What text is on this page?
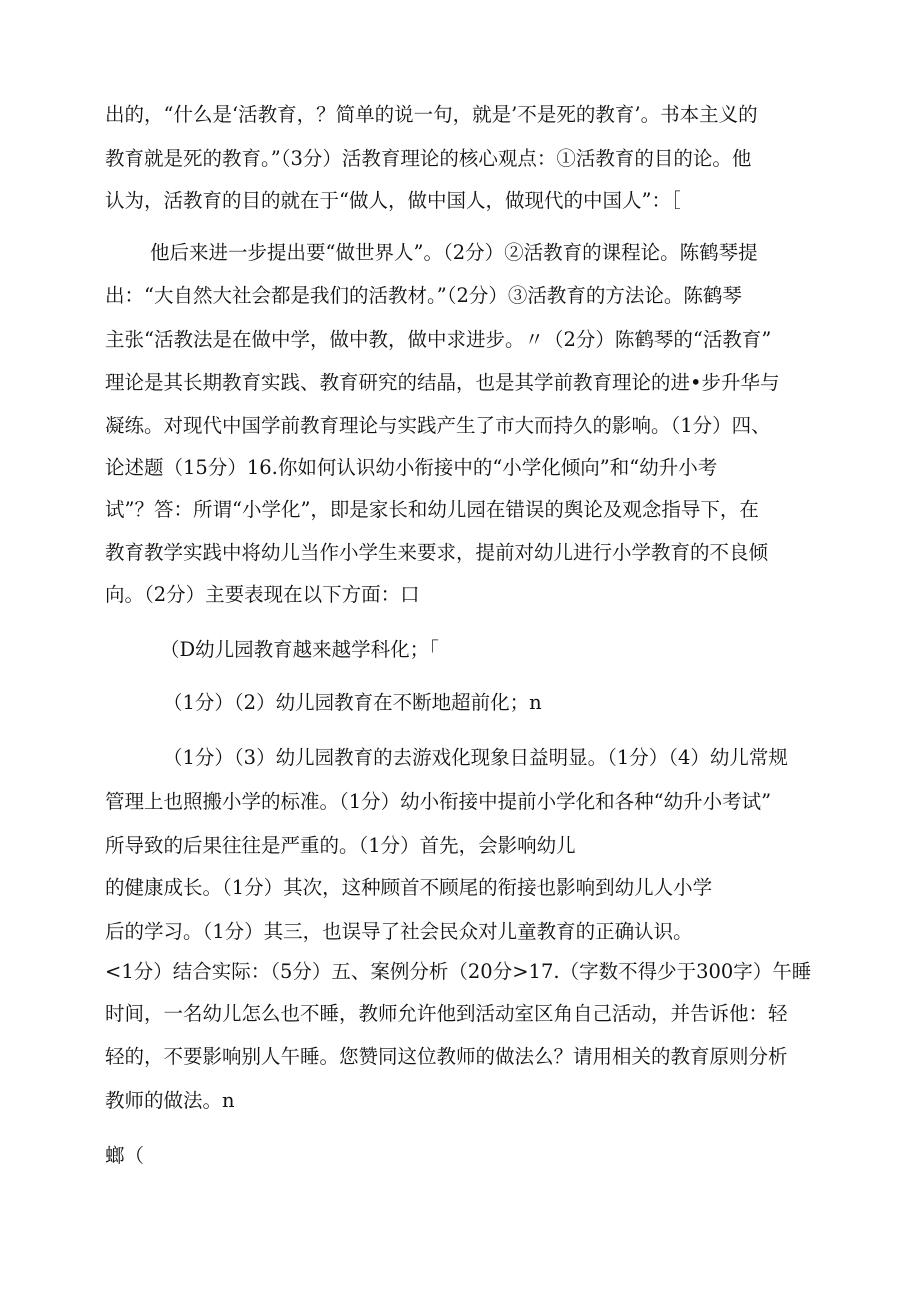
出的，“什么是‘活教育，？简单的说一句，就是’不是死的教育’。书本主义的
教育就是死的教育。”（3分）活教育理论的核心观点：①活教育的目的论。他
认为，活教育的目的就在于“做人，做中国人，做现代的中国人”：［
他后来进一步提出要“做世界人”。（2分）②活教育的课程论。陈鹤琴提
出：“大自然大社会都是我们的活教材。”（2分）③活教育的方法论。陈鹤琴
主张“活教法是在做中学，做中教，做中求进步。〃（2分）陈鹤琴的“活教育”
理论是其长期教育实践、教育研究的结晶，也是其学前教育理论的进•步升华与
凝练。对现代中国学前教育理论与实践产生了市大而持久的影响。（1分）四、
论述题（15分）16.你如何认识幼小衔接中的“小学化倾向”和“幼升小考
试”？答：所谓“小学化”，即是家长和幼儿园在错误的舆论及观念指导下，在
教育教学实践中将幼儿当作小学生来要求，提前对幼儿进行小学教育的不良倾
向。（2分）主要表现在以下方面：口
（D幼儿园教育越来越学科化；「
（1分）（2）幼儿园教育在不断地超前化；n
（1分）（3）幼儿园教育的去游戏化现象日益明显。（1分）（4）幼儿常规
管理上也照搬小学的标准。（1分）幼小衔接中提前小学化和各种“幼升小考试”
所导致的后果往往是严重的。（1分）首先，会影响幼儿
的健康成长。（1分）其次，这种顾首不顾尾的衔接也影响到幼儿人小学
后的学习。（1分）其三，也误导了社会民众对儿童教育的正确认识。
<1分）结合实际：（5分）五、案例分析（20分>17.（字数不得少于300字）午睡
时间，一名幼儿怎么也不睡，教师允许他到活动室区角自己活动，并告诉他：轻
轻的，不要影响别人午睡。您赞同这位教师的做法么？请用相关的教育原则分析
教师的做法。n
螂（
